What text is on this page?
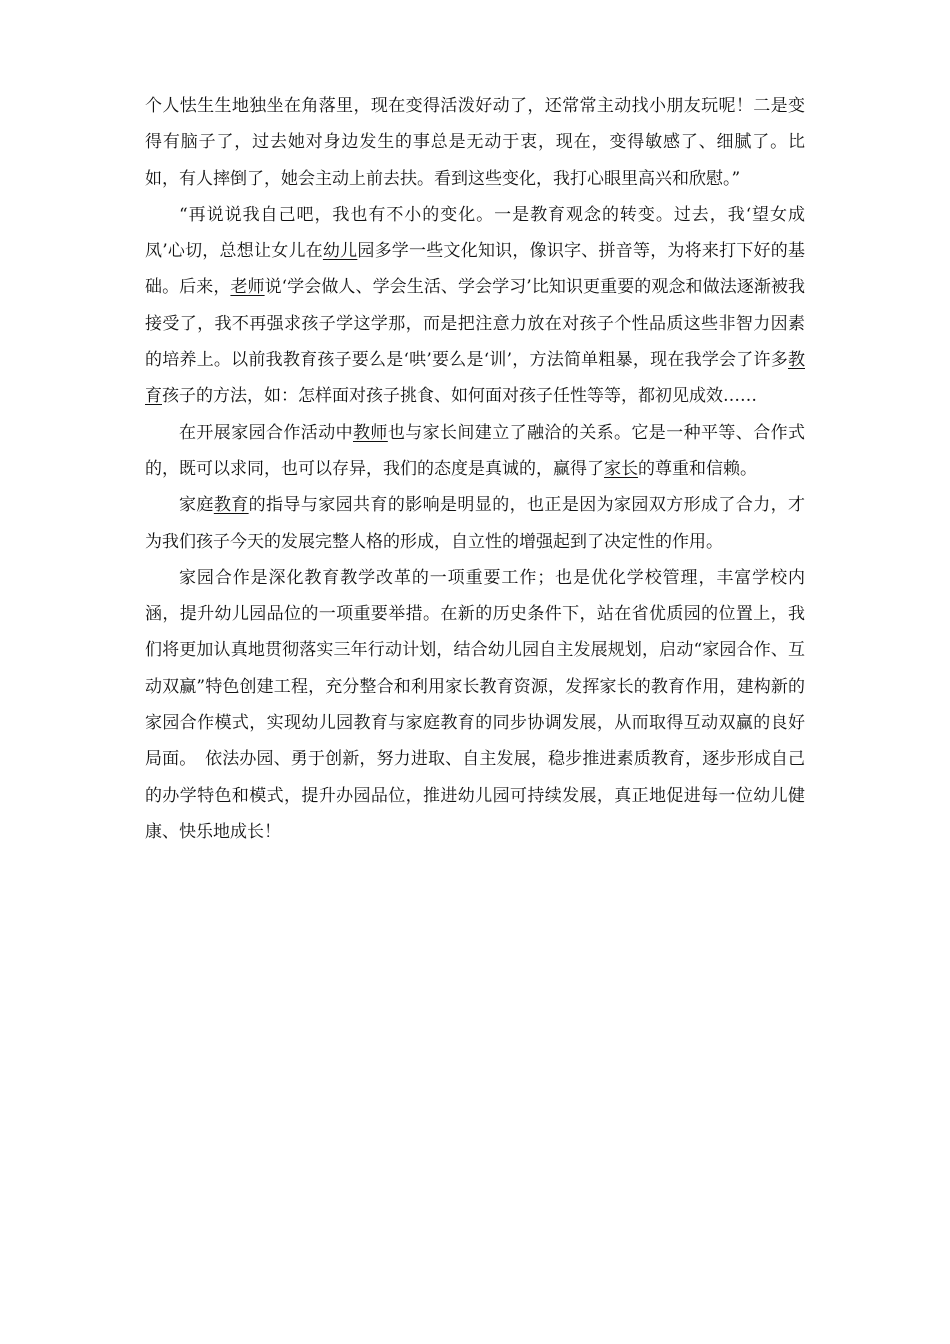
个人怯生生地独坐在角落里，现在变得活泼好动了，还常常主动找小朋友玩呢！二是变得有脑子了，过去她对身边发生的事总是无动于衷，现在，变得敏感了、细腻了。比如，有人摔倒了，她会主动上前去扶。看到这些变化，我打心眼里高兴和欣慰。”

“再说说我自己吧，我也有不小的变化。一是教育观念的转变。过去，我‘望女成凤’心切，总想让女儿在幼儿园多学一些文化知识，像识字、拼音等，为将来打下好的基础。后来，老师说‘学会做人、学会生活、学会学习’比知识更重要的观念和做法逐渐被我接受了，我不再强求孩子学这学那，而是把注意力放在对孩子个性品质这些非智力因素的培养上。以前我教育孩子要么是‘哄’要么是‘训’，方法简单粗暴，现在我学会了许多教育孩子的方法，如：怎样面对孩子挑食、如何面对孩子任性等等，都初见成效……

在开展家园合作活动中教师也与家长间建立了融洽的关系。它是一种平等、合作式的，既可以求同，也可以存异，我们的态度是真诚的，赢得了家长的尊重和信赖。

家庭教育的指导与家园共育的影响是明显的，也正是因为家园双方形成了合力，才为我们孩子今天的发展完整人格的形成，自立性的增强起到了决定性的作用。

家园合作是深化教育教学改革的一项重要工作；也是优化学校管理，丰富学校内涵，提升幼儿园品位的一项重要举措。在新的历史条件下，站在省优质园的位置上，我们将更加认真地贯彻落实三年行动计划，结合幼儿园自主发展规划，启动“家园合作、互动双赢”特色创建工程，充分整合和利用家长教育资源，发挥家长的教育作用，建构新的家园合作模式，实现幼儿园教育与家庭教育的同步协调发展，从而取得互动双赢的良好局面。　依法办园、勇于创新，努力进取、自主发展，稳步推进素质教育，逐步形成自己的办学特色和模式，提升办园品位，推进幼儿园可持续发展，真正地促进每一位幼儿健康、快乐地成长！
